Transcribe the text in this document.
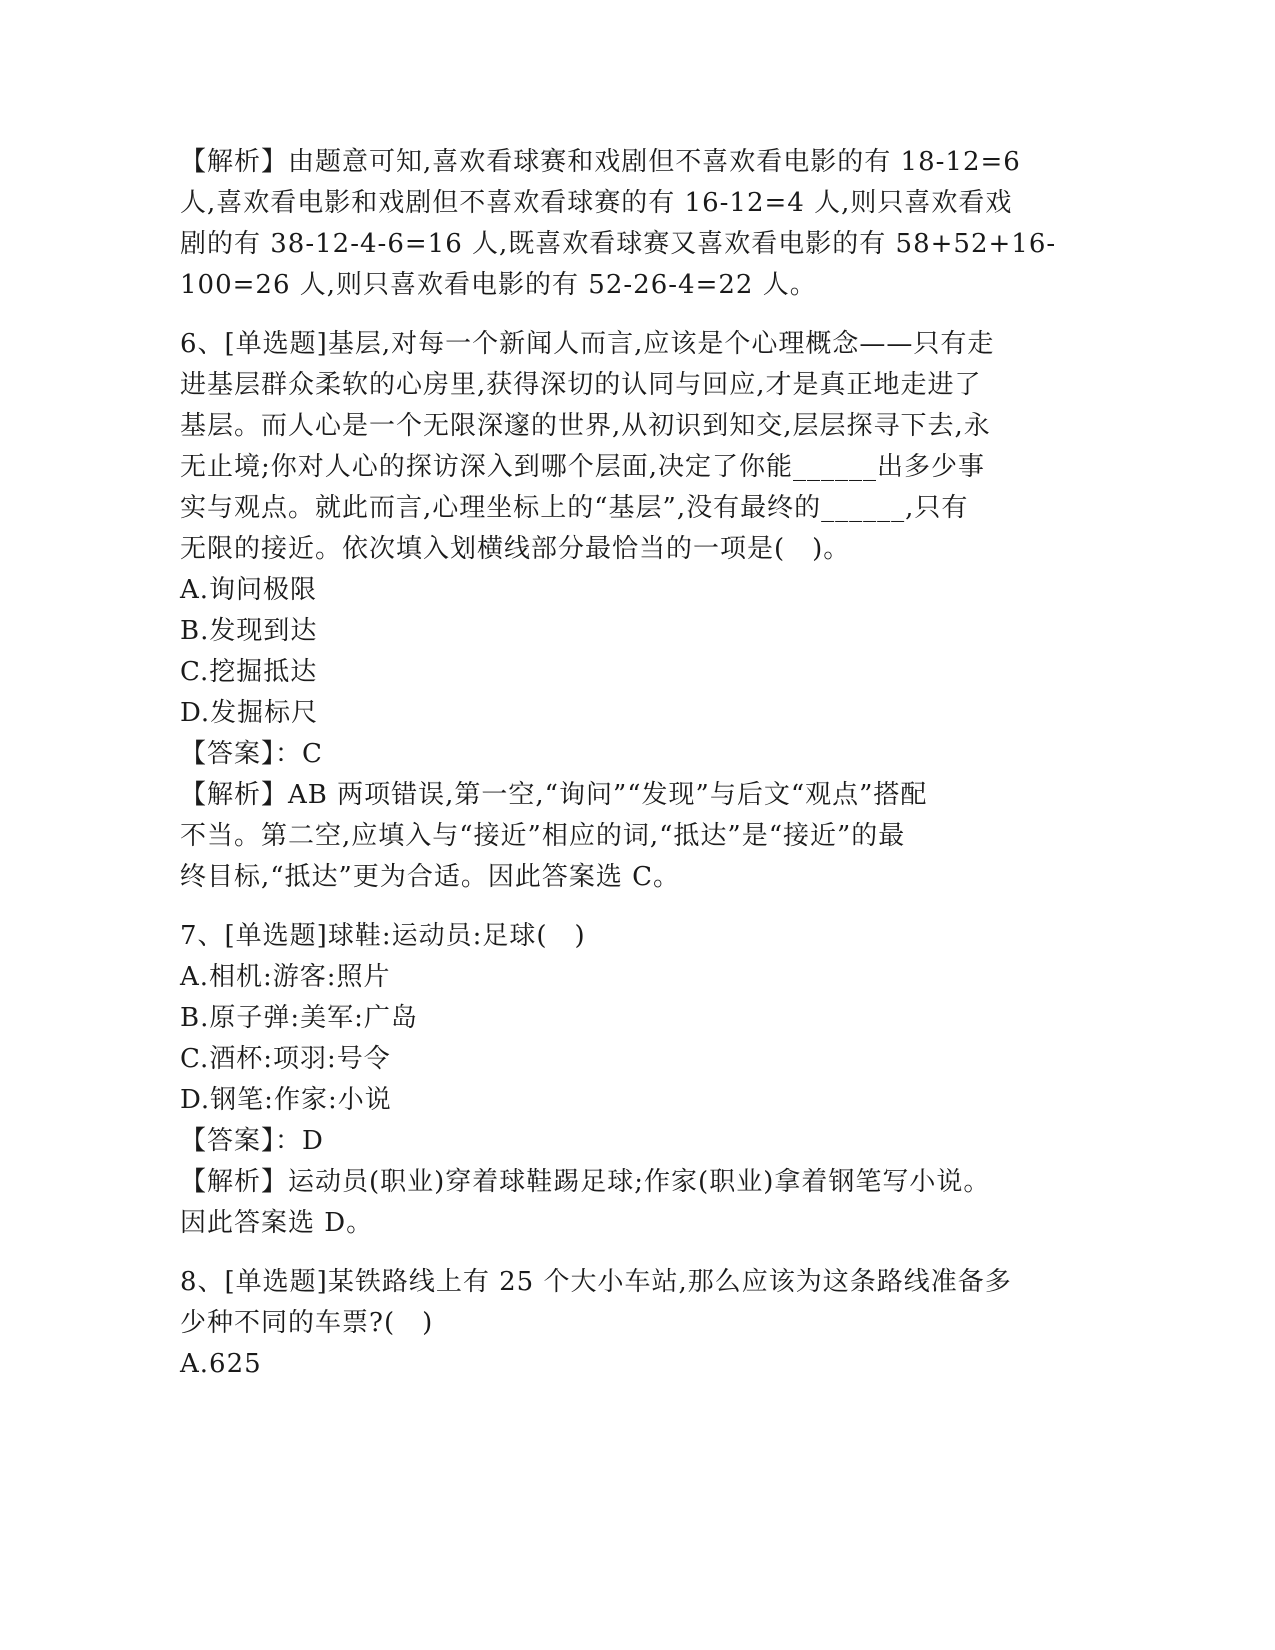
【解析】由题意可知,喜欢看球赛和戏剧但不喜欢看电影的有 18-12=6
人,喜欢看电影和戏剧但不喜欢看球赛的有 16-12=4 人,则只喜欢看戏
剧的有 38-12-4-6=16 人,既喜欢看球赛又喜欢看电影的有 58+52+16-
100=26 人,则只喜欢看电影的有 52-26-4=22 人。
6、[单选题]基层,对每一个新闻人而言,应该是个心理概念——只有走
进基层群众柔软的心房里,获得深切的认同与回应,才是真正地走进了
基层。而人心是一个无限深邃的世界,从初识到知交,层层探寻下去,永
无止境;你对人心的探访深入到哪个层面,决定了你能______出多少事
实与观点。就此而言,心理坐标上的“基层”,没有最终的______,只有
无限的接近。依次填入划横线部分最恰当的一项是(　)。
A.询问极限
B.发现到达
C.挖掘抵达
D.发掘标尺
【答案】：C
【解析】AB 两项错误,第一空,“询问”“发现”与后文“观点”搭配
不当。第二空,应填入与“接近”相应的词,“抵达”是“接近”的最
终目标,“抵达”更为合适。因此答案选 C。
7、[单选题]球鞋:运动员:足球(　)
A.相机:游客:照片
B.原子弹:美军:广岛
C.酒杯:项羽:号令
D.钢笔:作家:小说
【答案】：D
【解析】运动员(职业)穿着球鞋踢足球;作家(职业)拿着钢笔写小说。
因此答案选 D。
8、[单选题]某铁路线上有 25 个大小车站,那么应该为这条路线准备多
少种不同的车票?(　)
A.625
